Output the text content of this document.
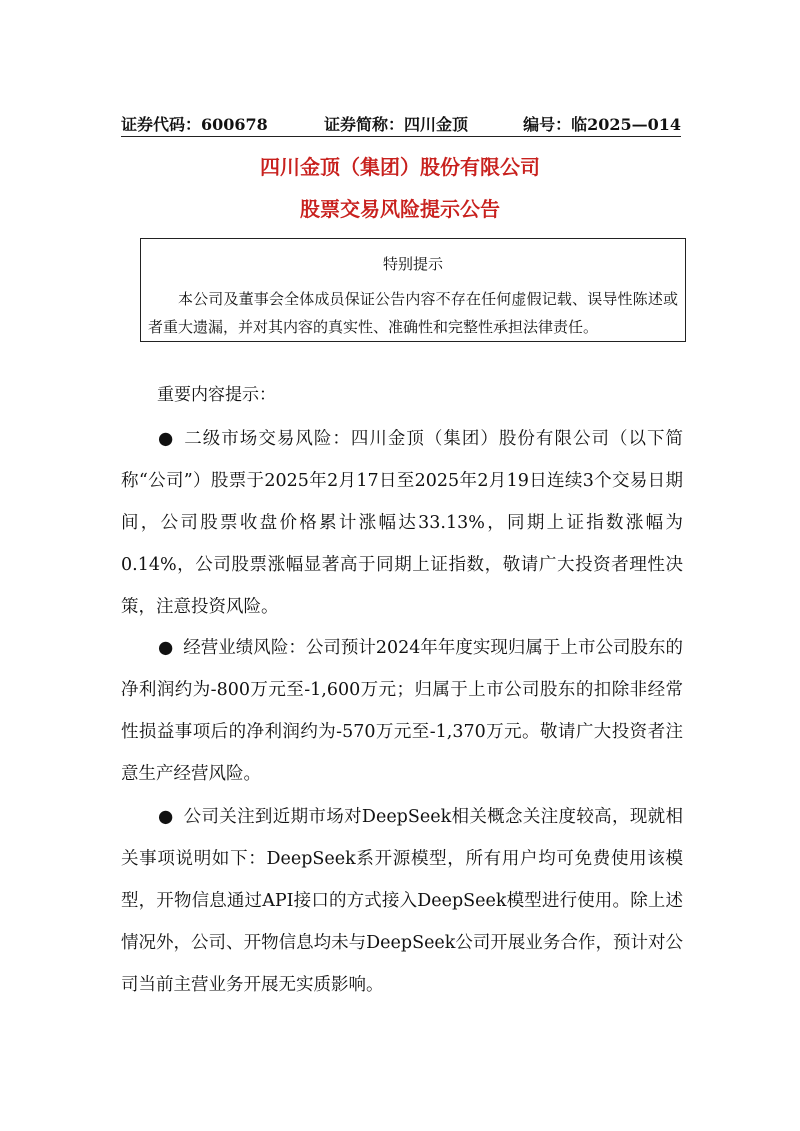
证券代码：600678	证券简称：四川金顶	编号：临2025—014
四川金顶（集团）股份有限公司
股票交易风险提示公告
特别提示
本公司及董事会全体成员保证公告内容不存在任何虚假记载、误导性陈述或者重大遗漏，并对其内容的真实性、准确性和完整性承担法律责任。
重要内容提示：
● 二级市场交易风险：四川金顶（集团）股份有限公司（以下简称“公司”）股票于2025年2月17日至2025年2月19日连续3个交易日期间，公司股票收盘价格累计涨幅达33.13%，同期上证指数涨幅为0.14%，公司股票涨幅显著高于同期上证指数，敬请广大投资者理性决策，注意投资风险。
● 经营业绩风险：公司预计2024年年度实现归属于上市公司股东的净利润约为-800万元至-1,600万元；归属于上市公司股东的扣除非经常性损益事项后的净利润约为-570万元至-1,370万元。敬请广大投资者注意生产经营风险。
● 公司关注到近期市场对DeepSeek相关概念关注度较高，现就相关事项说明如下：DeepSeek系开源模型，所有用户均可免费使用该模型，开物信息通过API接口的方式接入DeepSeek模型进行使用。除上述情况外，公司、开物信息均未与DeepSeek公司开展业务合作，预计对公司当前主营业务开展无实质影响。
